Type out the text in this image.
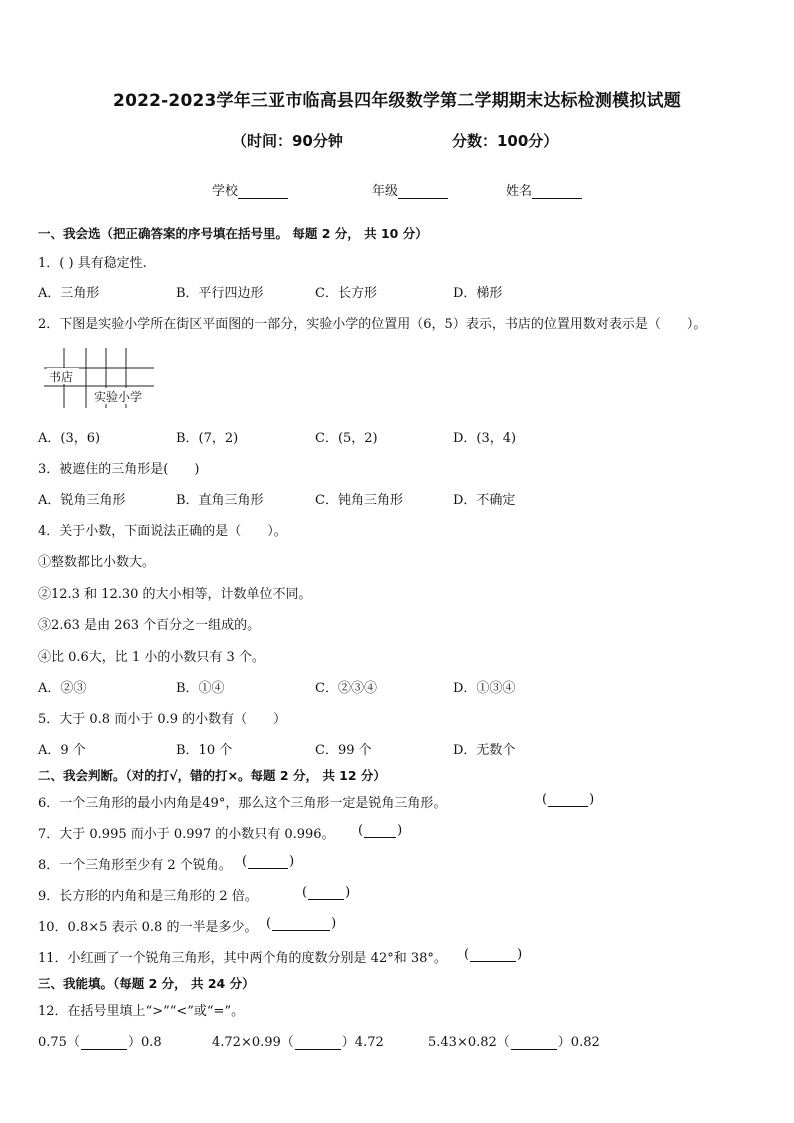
2022-2023学年三亚市临高县四年级数学第二学期期末达标检测模拟试题
（时间：90分钟	分数：100分）
学校	年级	姓名
一、我会选（把正确答案的序号填在括号里。 每题 2 分， 共 10 分）
1．( ) 具有稳定性.
A．三角形	B．平行四边形	C．长方形	D．梯形
2．下图是实验小学所在街区平面图的一部分，实验小学的位置用（6，5）表示，书店的位置用数对表示是（　　）。
书店
实验小学
A．(3，6)	B．(7，2)	C．(5，2)	D．(3，4)
3．被遮住的三角形是(　　)
A．锐角三角形	B．直角三角形	C．钝角三角形	D．不确定
4．关于小数，下面说法正确的是（　　）。
①整数都比小数大。
②12.3 和 12.30 的大小相等，计数单位不同。
③2.63 是由 263 个百分之一组成的。
④比 0.6大，比 1 小的小数只有 3 个。
A．②③	B．①④	C．②③④	D．①③④
5．大于 0.8 而小于 0.9 的小数有（　　）
A．9 个	B．10 个	C．99 个	D．无数个
二、我会判断。（对的打√，错的打×。每题 2 分， 共 12 分）
6．一个三角形的最小内角是49°，那么这个三角形一定是锐角三角形。	(	)
7．大于 0.995 而小于 0.997 的小数只有 0.996。 (	)
8．一个三角形至少有 2 个锐角。 (	)
9．长方形的内角和是三角形的 2 倍。	(	)
10．0.8×5 表示 0.8 的一半是多少。 (	)
11．小红画了一个锐角三角形，其中两个角的度数分别是 42°和 38°。 (	)
三、我能填。（每题 2 分， 共 24 分）
12．在括号里填上“>”“<”或“=”。
0.75（	）0.8	4.72×0.99（	）4.72	5.43×0.82（	）0.82
